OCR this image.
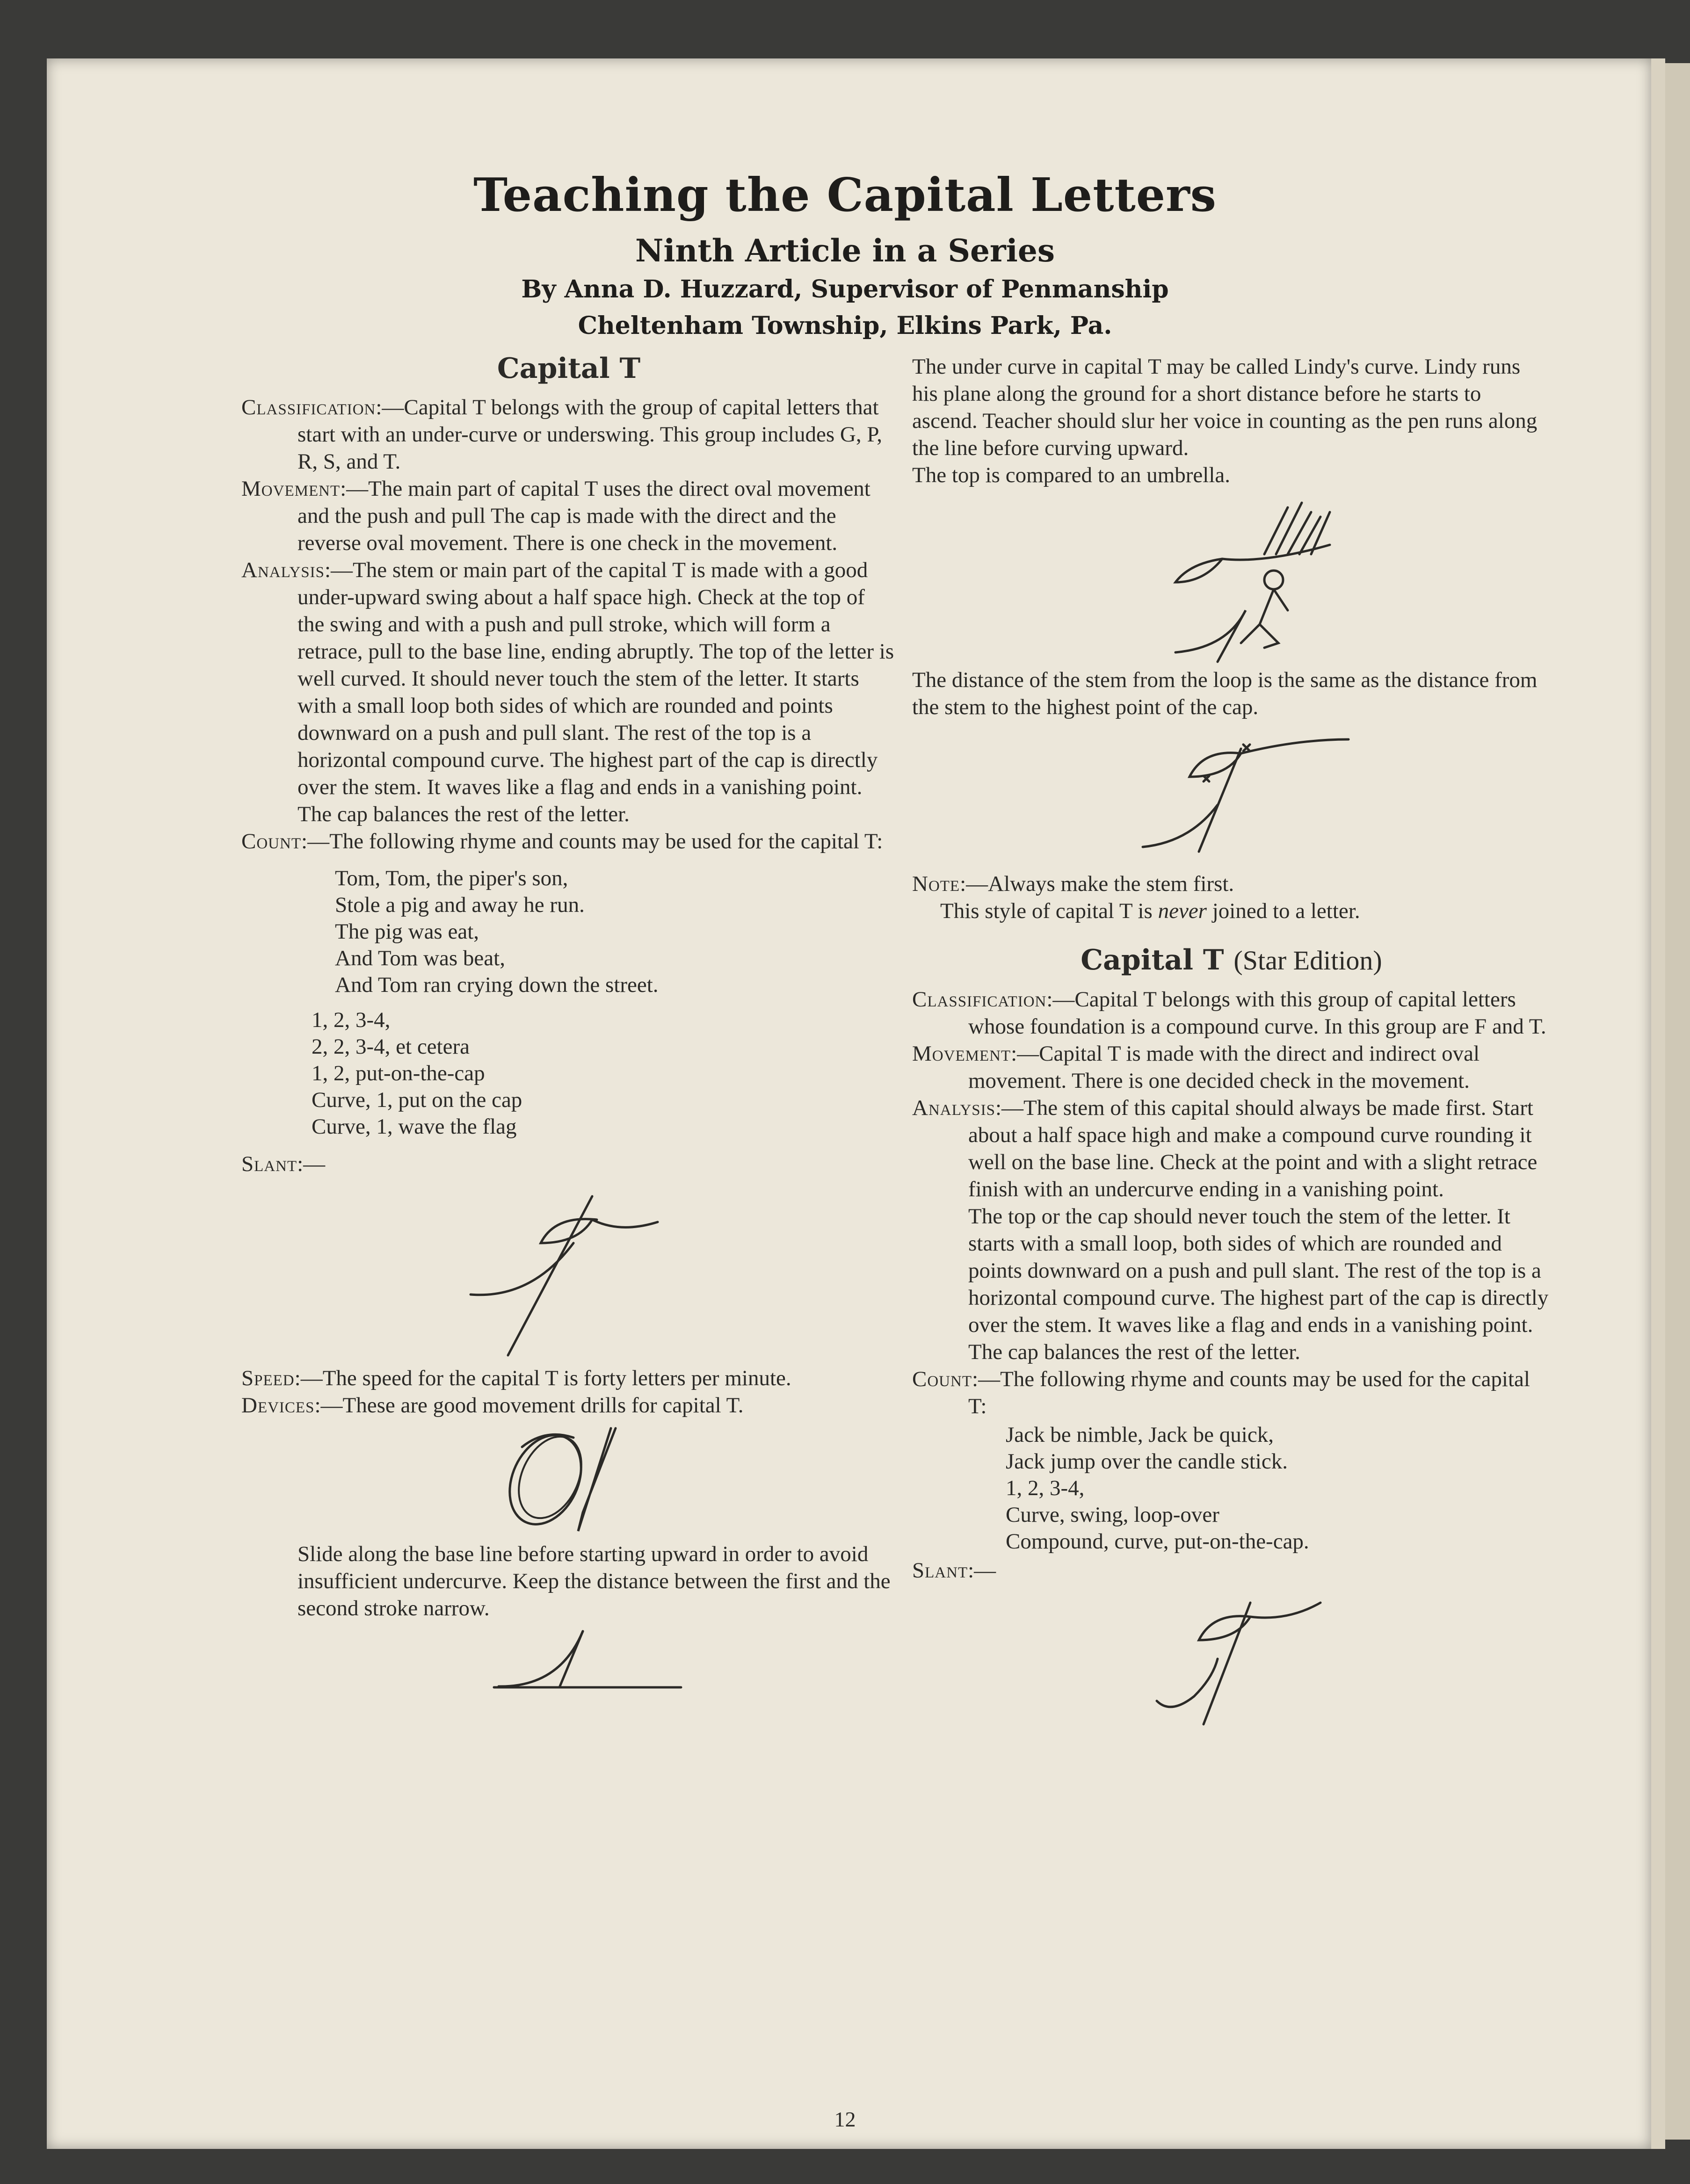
Teaching the Capital Letters
Ninth Article in a Series
By Anna D. Huzzard, Supervisor of Penmanship
Cheltenham Township, Elkins Park, Pa.
Capital T

Classification:—Capital T belongs with the group of capital letters that start with an under-curve or underswing. This group includes G, P, R, S, and T.

Movement:—The main part of capital T uses the direct oval movement and the push and pull The cap is made with the direct and the reverse oval movement. There is one check in the movement.

Analysis:—The stem or main part of the capital T is made with a good under-upward swing about a half space high. Check at the top of the swing and with a push and pull stroke, which will form a retrace, pull to the base line, ending abruptly. The top of the letter is well curved. It should never touch the stem of the letter. It starts with a small loop both sides of which are rounded and points downward on a push and pull slant. The rest of the top is a horizontal compound curve. The highest part of the cap is directly over the stem. It waves like a flag and ends in a vanishing point. The cap balances the rest of the letter.

Count:—The following rhyme and counts may be used for the capital T:

Tom, Tom, the piper's son,
Stole a pig and away he run.
The pig was eat,
And Tom was beat,
And Tom ran crying down the street.
1, 2, 3-4,
2, 2, 3-4, et cetera
1, 2, put-on-the-cap
Curve, 1, put on the cap
Curve, 1, wave the flag

Slant:—

Speed:—The speed for the capital T is forty letters per minute.

Devices:—These are good movement drills for capital T.

Slide along the base line before starting upward in order to avoid insufficient undercurve. Keep the distance between the first and the second stroke narrow.

The under curve in capital T may be called Lindy's curve. Lindy runs his plane along the ground for a short distance before he starts to ascend. Teacher should slur her voice in counting as the pen runs along the line before curving upward.

The top is compared to an umbrella.

The distance of the stem from the loop is the same as the distance from the stem to the highest point of the cap.

Note:—Always make the stem first.

This style of capital T is never joined to a letter.

Capital T (Star Edition)

Classification:—Capital T belongs with this group of capital letters whose foundation is a compound curve. In this group are F and T.

Movement:—Capital T is made with the direct and indirect oval movement. There is one decided check in the movement.

Analysis:—The stem of this capital should always be made first. Start about a half space high and make a compound curve rounding it well on the base line. Check at the point and with a slight retrace finish with an undercurve ending in a vanishing point.

The top or the cap should never touch the stem of the letter. It starts with a small loop, both sides of which are rounded and points downward on a push and pull slant. The rest of the top is a horizontal compound curve. The highest part of the cap is directly over the stem. It waves like a flag and ends in a vanishing point. The cap balances the rest of the letter.

Count:—The following rhyme and counts may be used for the capital T:

Jack be nimble, Jack be quick,
Jack jump over the candle stick.
1, 2, 3-4,
Curve, swing, loop-over
Compound, curve, put-on-the-cap.

Slant:—

12
